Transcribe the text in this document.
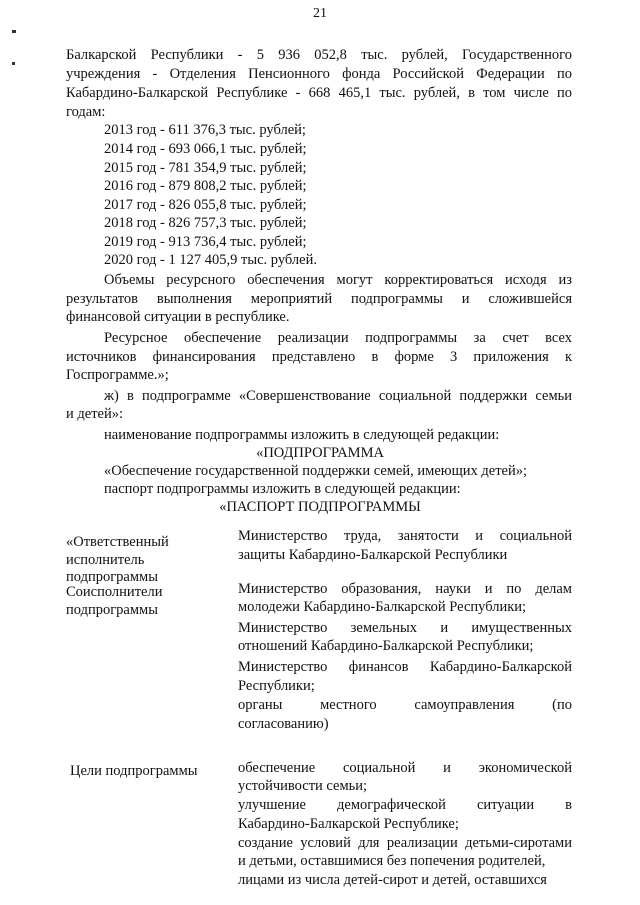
21
Балкарской Республики - 5 936 052,8 тыс. рублей, Государственного
учреждения - Отделения Пенсионного фонда Российской Федерации по
Кабардино-Балкарской Республике - 668 465,1 тыс. рублей, в том числе по
годам:
2013 год - 611 376,3 тыс. рублей;
2014 год - 693 066,1 тыс. рублей;
2015 год - 781 354,9 тыс. рублей;
2016 год - 879 808,2 тыс. рублей;
2017 год - 826 055,8 тыс. рублей;
2018 год - 826 757,3 тыс. рублей;
2019 год - 913 736,4 тыс. рублей;
2020 год - 1 127 405,9 тыс. рублей.
Объемы ресурсного обеспечения могут корректироваться исходя из
результатов выполнения мероприятий подпрограммы и сложившейся
финансовой ситуации в республике.
Ресурсное обеспечение реализации подпрограммы за счет всех
источников финансирования представлено в форме 3 приложения к
Госпрограмме.»;
ж) в подпрограмме «Совершенствование социальной поддержки семьи
и детей»:
наименование подпрограммы изложить в следующей редакции:
«ПОДПРОГРАММА
«Обеспечение государственной поддержки семей, имеющих детей»;
паспорт подпрограммы изложить в следующей редакции:
«ПАСПОРТ ПОДПРОГРАММЫ
«Ответственный
исполнитель
подпрограммы
Министерство труда, занятости и социальной
защиты Кабардино-Балкарской Республики
Соисполнители
подпрограммы
Министерство образования, науки и по делам
молодежи Кабардино-Балкарской Республики;
Министерство земельных и имущественных
отношений Кабардино-Балкарской Республики;
Министерство финансов Кабардино-Балкарской
Республики;
органы местного самоуправления (по
согласованию)
Цели подпрограммы	обеспечение социальной и экономической
устойчивости семьи;
улучшение демографической ситуации в
Кабардино-Балкарской Республике;
создание условий для реализации детьми-сиротами
и детьми, оставшимися без попечения родителей,
лицами из числа детей-сирот и детей, оставшихся
